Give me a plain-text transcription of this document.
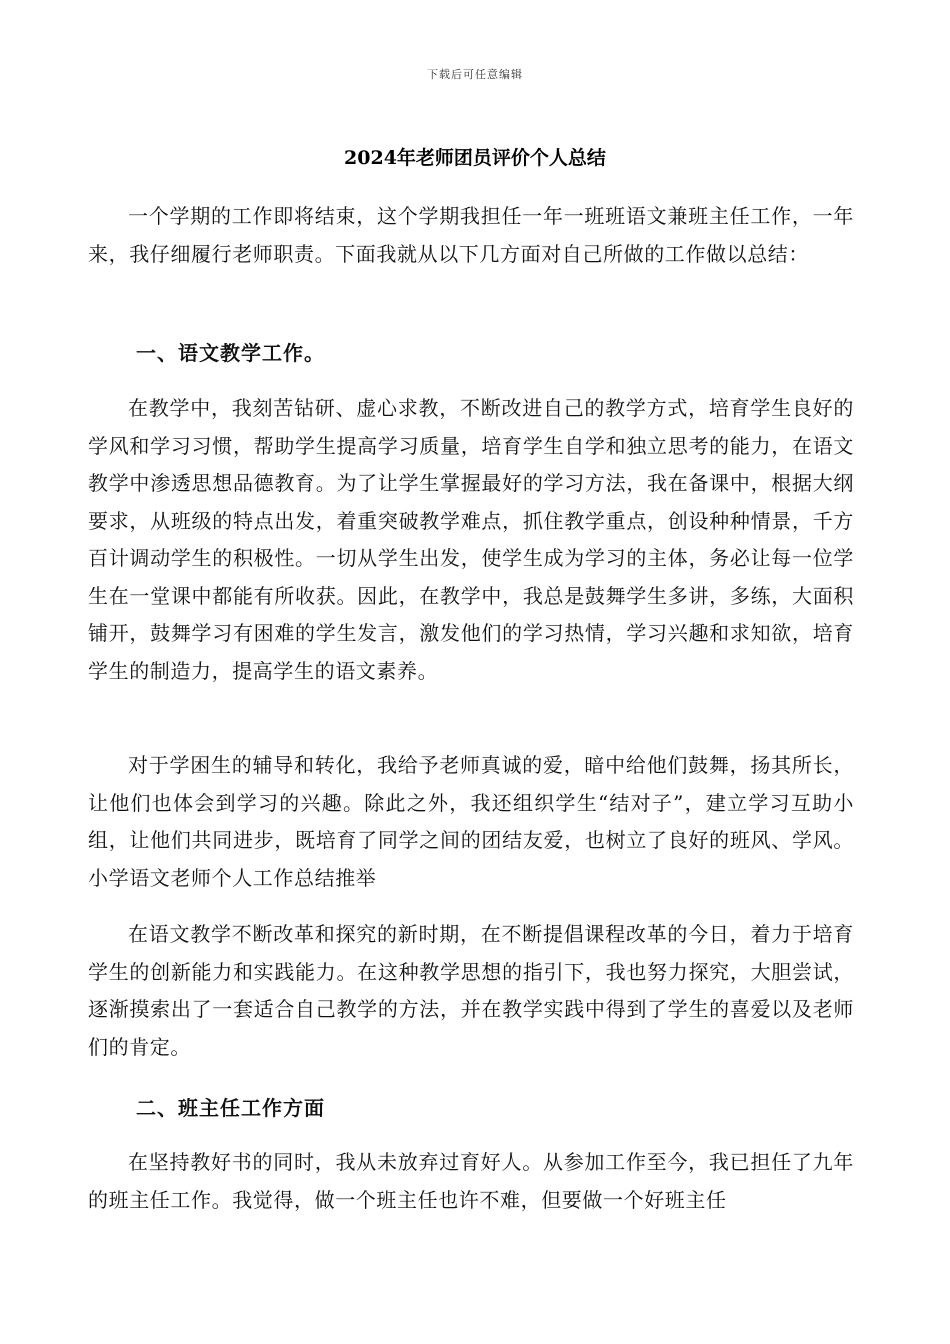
下载后可任意编辑
2024年老师团员评价个人总结

一个学期的工作即将结束，这个学期我担任一年一班班语文兼班主任工作，一年来，我仔细履行老师职责。下面我就从以下几方面对自己所做的工作做以总结：

一、语文教学工作。

在教学中，我刻苦钻研、虚心求教，不断改进自己的教学方式，培育学生良好的学风和学习习惯，帮助学生提高学习质量，培育学生自学和独立思考的能力，在语文教学中渗透思想品德教育。为了让学生掌握最好的学习方法，我在备课中，根据大纲要求，从班级的特点出发，着重突破教学难点，抓住教学重点，创设种种情景，千方百计调动学生的积极性。一切从学生出发，使学生成为学习的主体，务必让每一位学生在一堂课中都能有所收获。因此，在教学中，我总是鼓舞学生多讲，多练，大面积铺开，鼓舞学习有困难的学生发言，激发他们的学习热情，学习兴趣和求知欲，培育学生的制造力，提高学生的语文素养。

对于学困生的辅导和转化，我给予老师真诚的爱，暗中给他们鼓舞，扬其所长，让他们也体会到学习的兴趣。除此之外，我还组织学生“结对子”，建立学习互助小组，让他们共同进步，既培育了同学之间的团结友爱，也树立了良好的班风、学风。小学语文老师个人工作总结推举

在语文教学不断改革和探究的新时期，在不断提倡课程改革的今日，着力于培育学生的创新能力和实践能力。在这种教学思想的指引下，我也努力探究，大胆尝试，逐渐摸索出了一套适合自己教学的方法，并在教学实践中得到了学生的喜爱以及老师们的肯定。

二、班主任工作方面

在坚持教好书的同时，我从未放弃过育好人。从参加工作至今，我已担任了九年的班主任工作。我觉得，做一个班主任也许不难，但要做一个好班主任
